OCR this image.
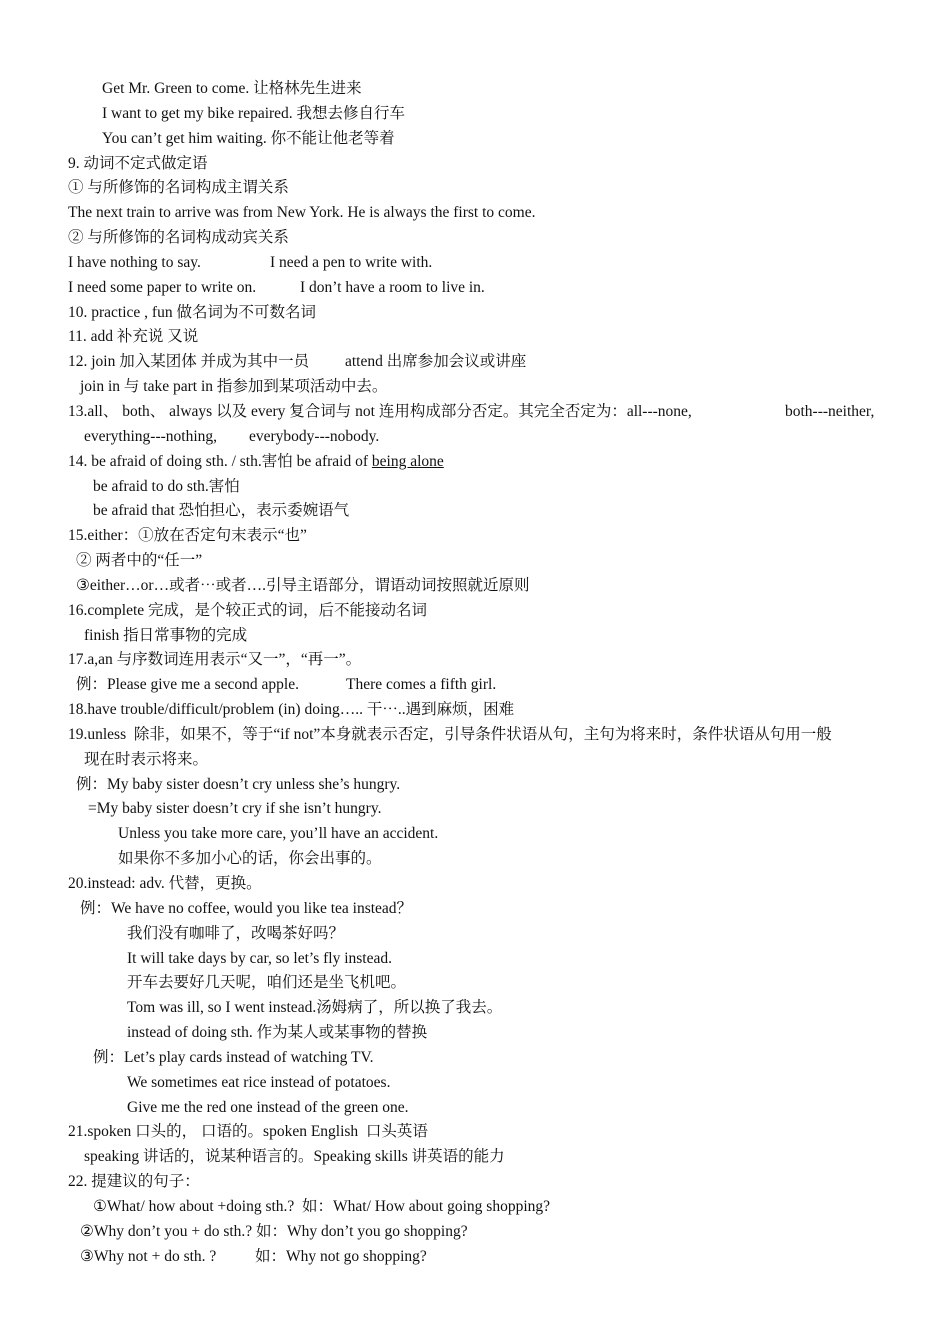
Get Mr. Green to come. 让格林先生进来
I want to get my bike repaired. 我想去修自行车
You can’t get him waiting. 你不能让他老等着
9. 动词不定式做定语
① 与所修饰的名词构成主谓关系
The next train to arrive was from New York. He is always the first to come.
② 与所修饰的名词构成动宾关系
I have nothing to say.	I need a pen to write with.
I need some paper to write on.	I don’t have a room to live in.
10. practice , fun 做名词为不可数名词
11. add 补充说 又说
12. join 加入某团体 并成为其中一员 attend 出席参加会议或讲座
join in 与 take part in 指参加到某项活动中去。
13.all、 both、 always 以及 every 复合词与 not 连用构成部分否定。其完全否定为：all---none,	both---neither,
everything---nothing, everybody---nobody.
14. be afraid of doing sth. / sth.害怕 be afraid of being alone
be afraid to do sth.害怕
be afraid that 恐怕担心，表示委婉语气
15.either：①放在否定句末表示“也”
② 两者中的“任一”
③either…or…或者⋯或者….引导主语部分，谓语动词按照就近原则
16.complete 完成，是个较正式的词，后不能接动名词
finish 指日常事物的完成
17.a,an 与序数词连用表示“又一”，“再一”。
例：Please give me a second apple.	There comes a fifth girl.
18.have trouble/difficult/problem (in) doing….. 干⋯..遇到麻烦，困难
19.unless  除非，如果不，等于“if not”本身就表示否定，引导条件状语从句，主句为将来时，条件状语从句用一般
现在时表示将来。
例：My baby sister doesn’t cry unless she’s hungry.
=My baby sister doesn’t cry if she isn’t hungry.
Unless you take more care, you’ll have an accident.
如果你不多加小心的话，你会出事的。
20.instead: adv. 代替，更换。
例：We have no coffee, would you like tea instead？
我们没有咖啡了，改喝茶好吗？
It will take days by car, so let’s fly instead.
开车去要好几天呢，咱们还是坐飞机吧。
Tom was ill, so I went instead.汤姆病了，所以换了我去。
instead of doing sth. 作为某人或某事物的替换
例：Let’s play cards instead of watching TV.
We sometimes eat rice instead of potatoes.
Give me the red one instead of the green one.
21.spoken 口头的， 口语的。spoken English  口头英语
speaking 讲话的，说某种语言的。Speaking skills 讲英语的能力
22. 提建议的句子：
①What/ how about +doing sth.?  如：What/ How about going shopping?
②Why don’t you + do sth.? 如：Why don’t you go shopping?
③Why not + do sth. ? 如：Why not go shopping?
